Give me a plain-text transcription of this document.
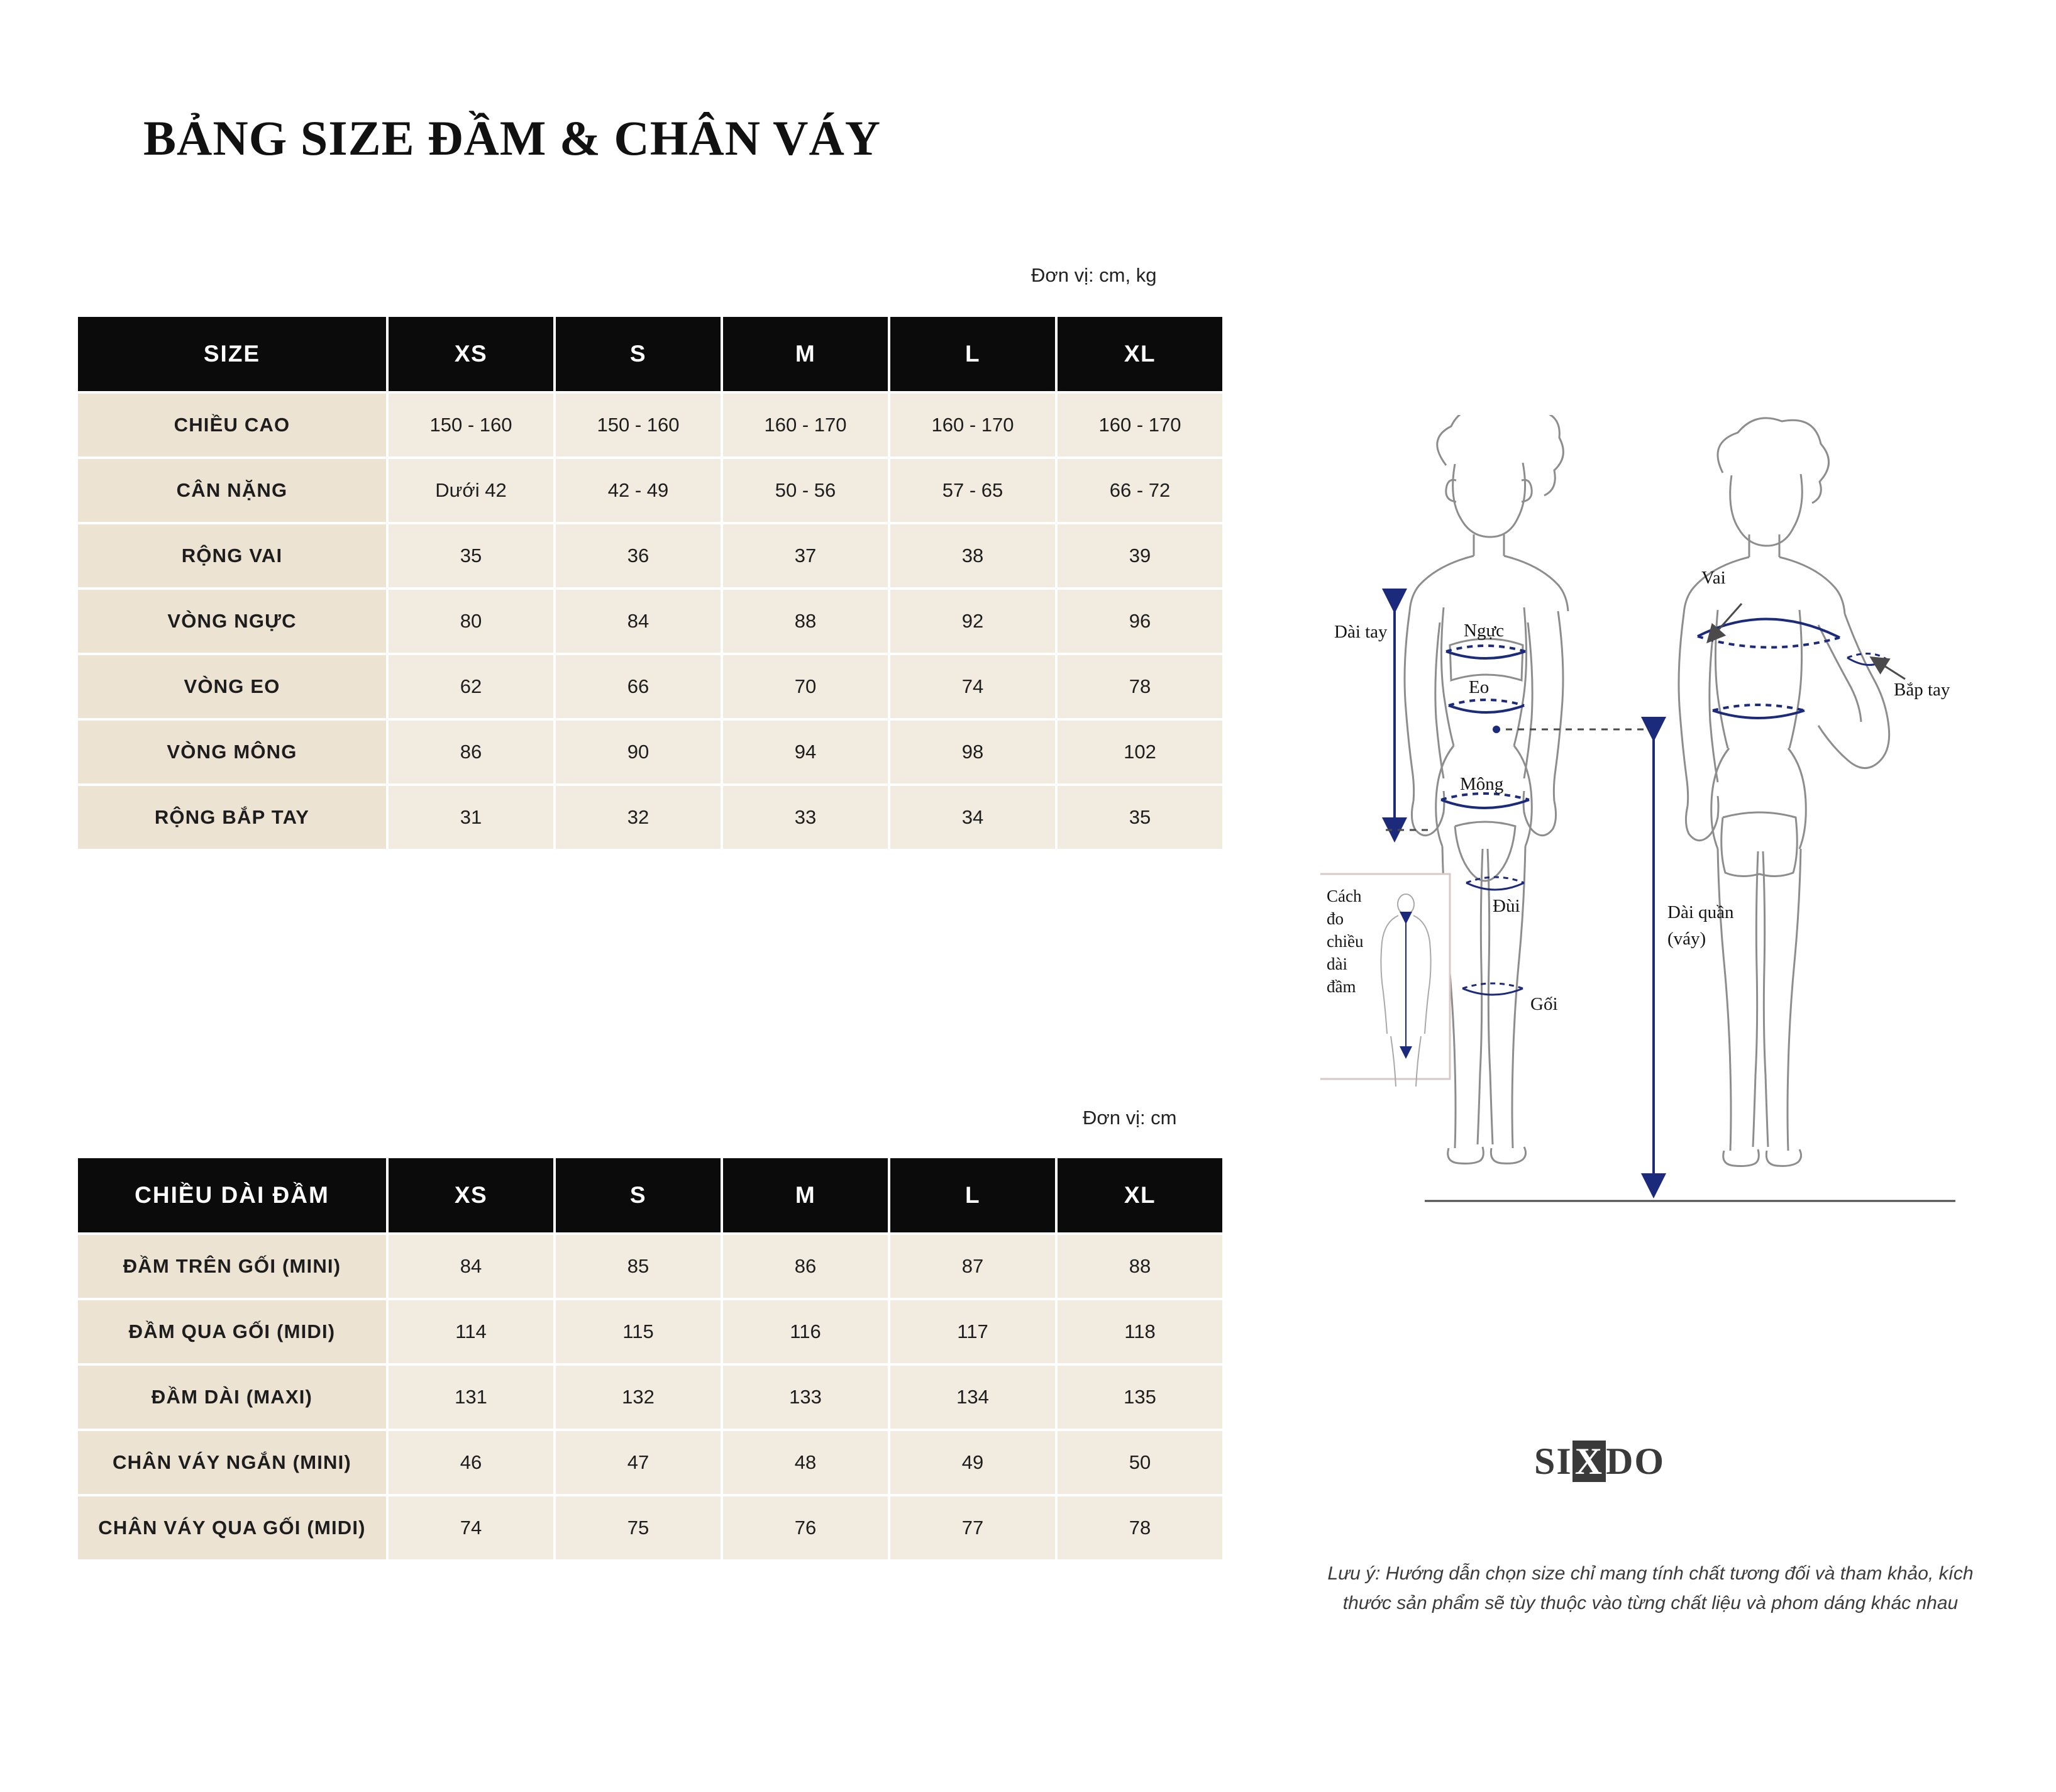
BẢNG SIZE ĐẦM & CHÂN VÁY
Đơn vị: cm, kg
SIZE	XS	S	M	L	XL
CHIỀU CAO	150 - 160	150 - 160	160 - 170	160 - 170	160 - 170
CÂN NẶNG	Dưới 42	42 - 49	50 - 56	57 - 65	66 - 72
RỘNG VAI	35	36	37	38	39
VÒNG NGỰC	80	84	88	92	96
VÒNG EO	62	66	70	74	78
VÒNG MÔNG	86	90	94	98	102
RỘNG BẮP TAY	31	32	33	34	35
Đơn vị: cm
CHIỀU DÀI ĐẦM	XS	S	M	L	XL
ĐẦM TRÊN GỐI (MINI)	84	85	86	87	88
ĐẦM QUA GỐI (MIDI)	114	115	116	117	118
ĐẦM DÀI (MAXI)	131	132	133	134	135
CHÂN VÁY NGẮN (MINI)	46	47	48	49	50
CHÂN VÁY QUA GỐI (MIDI)	74	75	76	77	78
Dài tay	Ngực
Eo
Mông
Đùi
Gối
Vai
Bắp tay
Dài quần
(váy)
Cách
đo
chiều
dài
đầm
SIXDO
Lưu ý: Hướng dẫn chọn size chỉ mang tính chất tương đối và tham khảo, kích thước sản phẩm sẽ tùy thuộc vào từng chất liệu và phom dáng khác nhau
